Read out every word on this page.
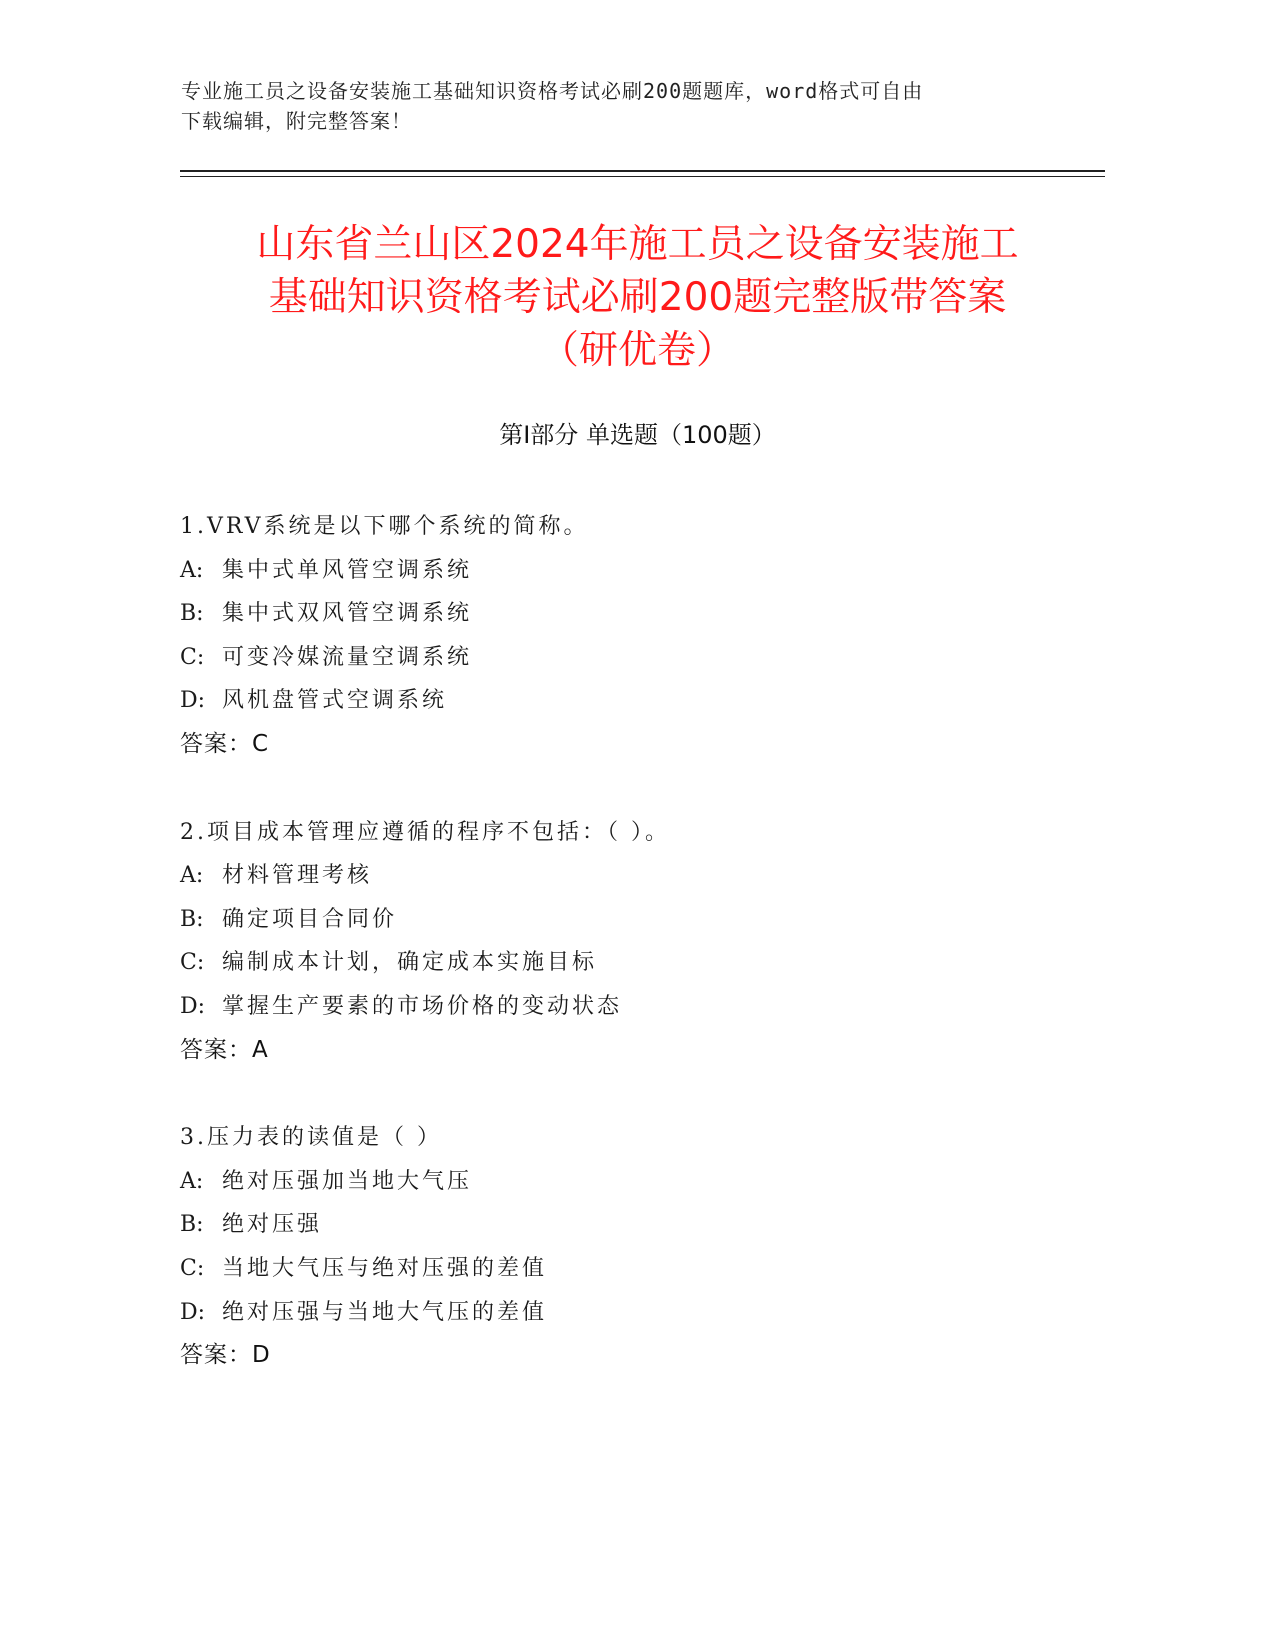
专业施工员之设备安装施工基础知识资格考试必刷200题题库，word格式可自由
下载编辑，附完整答案！
山东省兰山区2024年施工员之设备安装施工
基础知识资格考试必刷200题完整版带答案
（研优卷）
第Ⅰ部分 单选题（100题）
1.VRV系统是以下哪个系统的简称。
A: 集中式单风管空调系统
B: 集中式双风管空调系统
C: 可变冷媒流量空调系统
D: 风机盘管式空调系统
答案：C
2.项目成本管理应遵循的程序不包括：（ ）。
A: 材料管理考核
B: 确定项目合同价
C: 编制成本计划，确定成本实施目标
D: 掌握生产要素的市场价格的变动状态
答案：A
3.压力表的读值是（ ）
A: 绝对压强加当地大气压
B: 绝对压强
C: 当地大气压与绝对压强的差值
D: 绝对压强与当地大气压的差值
答案：D
